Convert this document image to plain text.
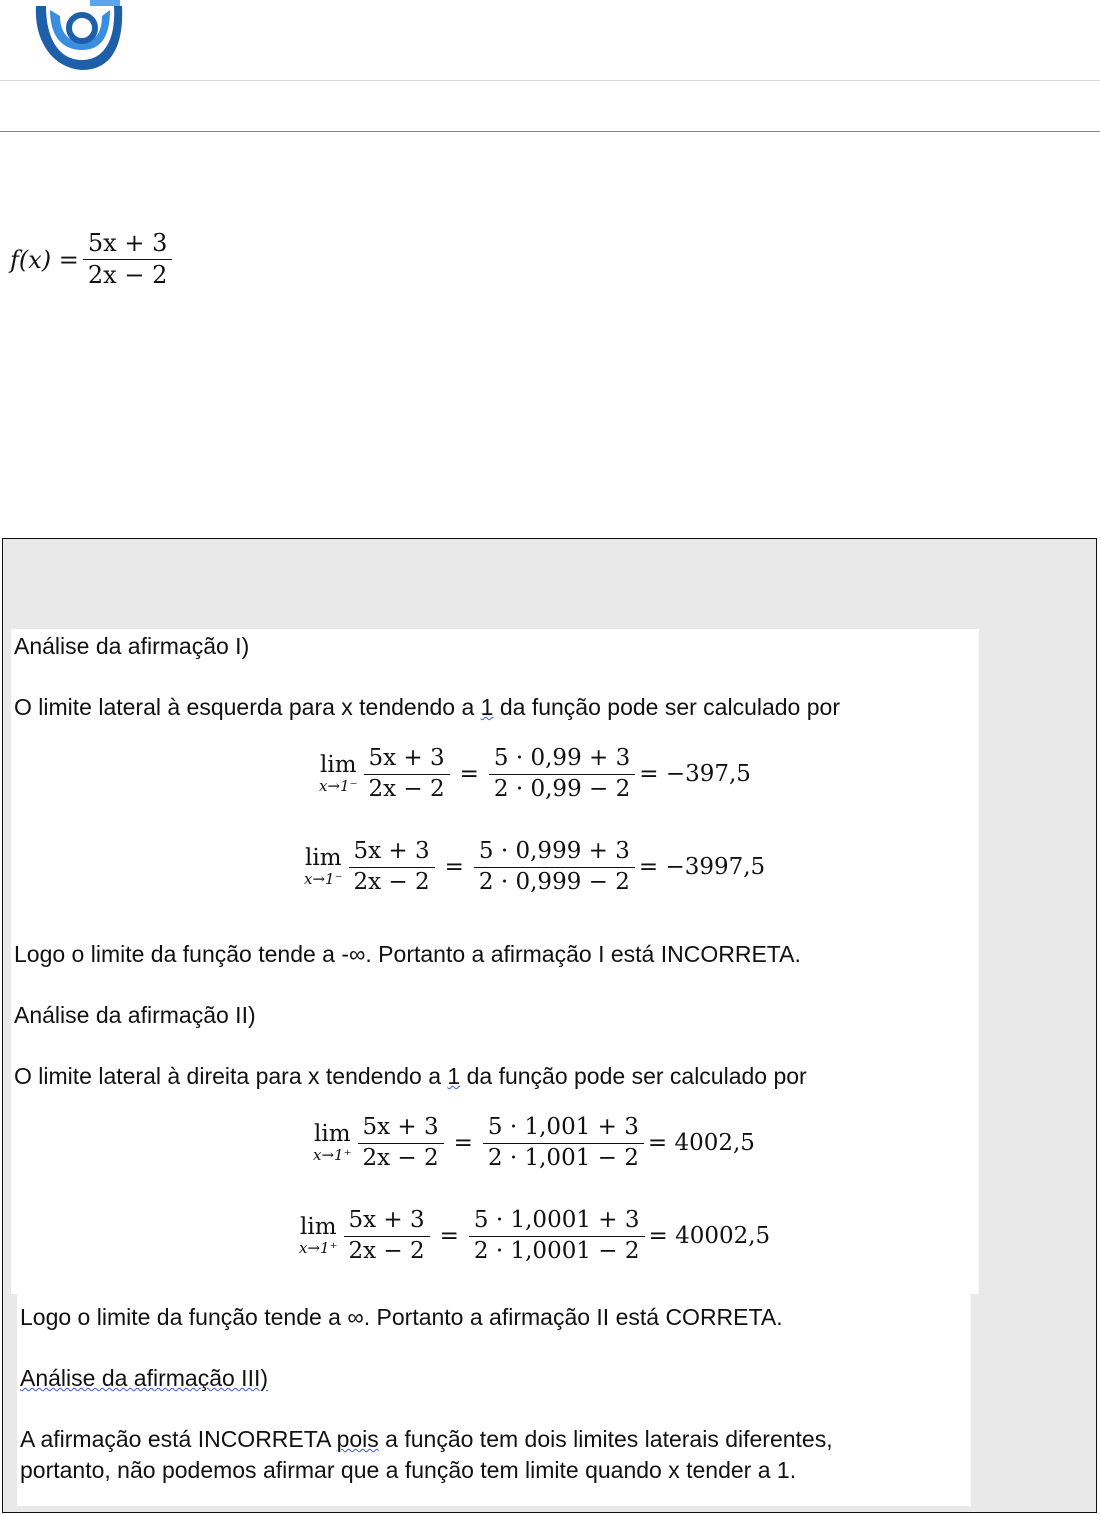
$f(x) = \frac{5x + 3}{2x - 2}$
Análise da afirmação I)
O limite lateral à esquerda para x tendendo a 1 da função pode ser calculado por
lim
$x\to 1^- \frac{5x + 3}{2x - 2} = \frac{5 \cdot 0,99 + 3}{2 \cdot 0,99 - 2} = -397,5$
lim
$x\to 1^- \frac{5x + 3}{2x - 2} = \frac{5 \cdot 0,999 + 3}{2 \cdot 0,999 - 2} = -3997,5$
Logo o limite da função tende a -∞. Portanto a afirmação I está INCORRETA.
Análise da afirmação II)
O limite lateral à direita para x tendendo a 1 da função pode ser calculado por
lim
$x\to 1^+ \frac{5x + 3}{2x - 2} = \frac{5 \cdot 1,001 + 3}{2 \cdot 1,001 - 2} = 4002,5$
lim
$x\to 1^+ \frac{5x + 3}{2x - 2} = \frac{5 \cdot 1,0001 + 3}{2 \cdot 1,0001 - 2} = 40002,5$
Logo o limite da função tende a ∞. Portanto a afirmação II está CORRETA.
Análise da afirmação III)
A afirmação está INCORRETA pois a função tem dois limites laterais diferentes,
portanto, não podemos afirmar que a função tem limite quando x tender a 1.
